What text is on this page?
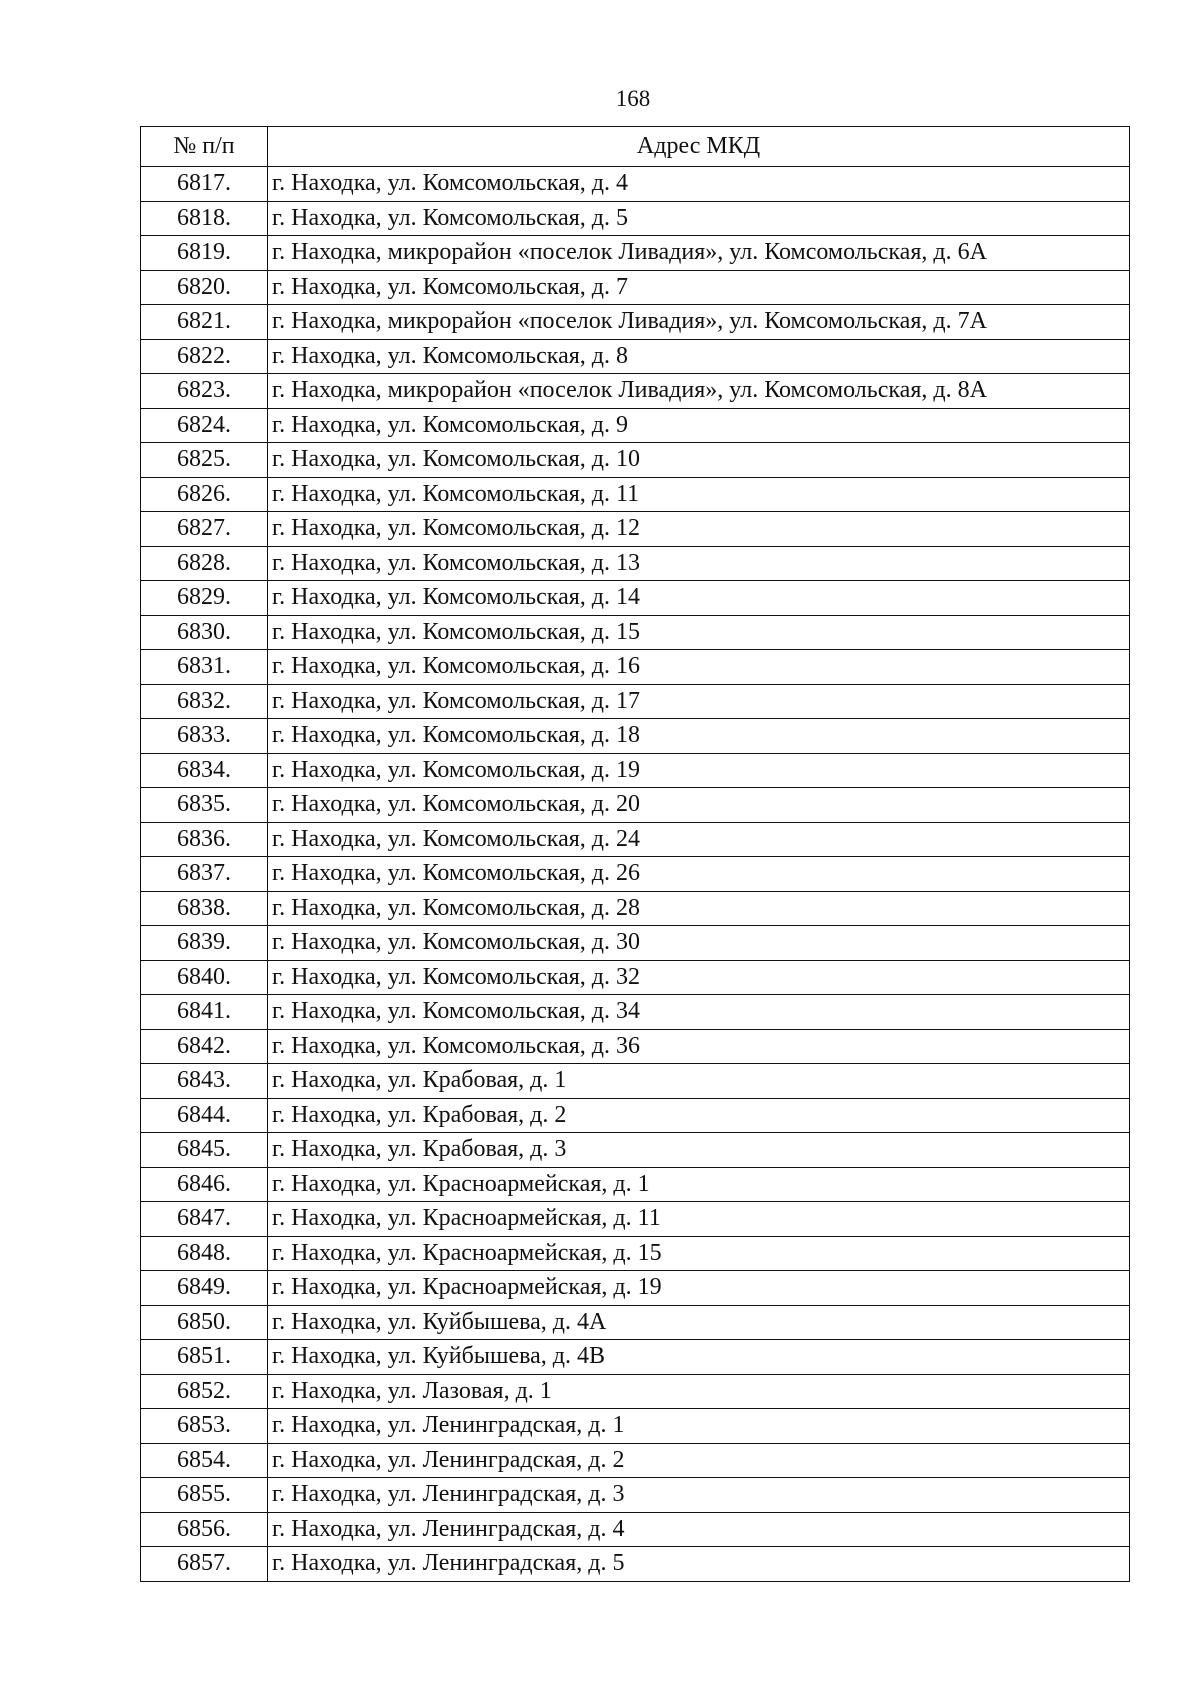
168
№ п/п	Адрес МКД
6817.	г. Находка, ул. Комсомольская, д. 4
6818.	г. Находка, ул. Комсомольская, д. 5
6819.	г. Находка, микрорайон «поселок Ливадия», ул. Комсомольская, д. 6А
6820.	г. Находка, ул. Комсомольская, д. 7
6821.	г. Находка, микрорайон «поселок Ливадия», ул. Комсомольская, д. 7А
6822.	г. Находка, ул. Комсомольская, д. 8
6823.	г. Находка, микрорайон «поселок Ливадия», ул. Комсомольская, д. 8А
6824.	г. Находка, ул. Комсомольская, д. 9
6825.	г. Находка, ул. Комсомольская, д. 10
6826.	г. Находка, ул. Комсомольская, д. 11
6827.	г. Находка, ул. Комсомольская, д. 12
6828.	г. Находка, ул. Комсомольская, д. 13
6829.	г. Находка, ул. Комсомольская, д. 14
6830.	г. Находка, ул. Комсомольская, д. 15
6831.	г. Находка, ул. Комсомольская, д. 16
6832.	г. Находка, ул. Комсомольская, д. 17
6833.	г. Находка, ул. Комсомольская, д. 18
6834.	г. Находка, ул. Комсомольская, д. 19
6835.	г. Находка, ул. Комсомольская, д. 20
6836.	г. Находка, ул. Комсомольская, д. 24
6837.	г. Находка, ул. Комсомольская, д. 26
6838.	г. Находка, ул. Комсомольская, д. 28
6839.	г. Находка, ул. Комсомольская, д. 30
6840.	г. Находка, ул. Комсомольская, д. 32
6841.	г. Находка, ул. Комсомольская, д. 34
6842.	г. Находка, ул. Комсомольская, д. 36
6843.	г. Находка, ул. Крабовая, д. 1
6844.	г. Находка, ул. Крабовая, д. 2
6845.	г. Находка, ул. Крабовая, д. 3
6846.	г. Находка, ул. Красноармейская, д. 1
6847.	г. Находка, ул. Красноармейская, д. 11
6848.	г. Находка, ул. Красноармейская, д. 15
6849.	г. Находка, ул. Красноармейская, д. 19
6850.	г. Находка, ул. Куйбышева, д. 4А
6851.	г. Находка, ул. Куйбышева, д. 4В
6852.	г. Находка, ул. Лазовая, д. 1
6853.	г. Находка, ул. Ленинградская, д. 1
6854.	г. Находка, ул. Ленинградская, д. 2
6855.	г. Находка, ул. Ленинградская, д. 3
6856.	г. Находка, ул. Ленинградская, д. 4
6857.	г. Находка, ул. Ленинградская, д. 5
